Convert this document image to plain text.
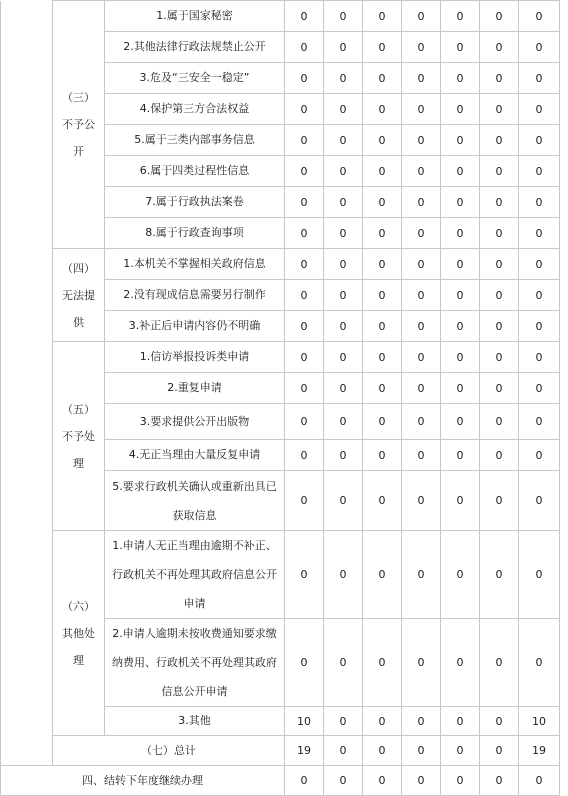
	（三）不予公开	1.属于国家秘密	0	0	0	0	0	0	0
		2.其他法律行政法规禁止公开	0	0	0	0	0	0	0
		3.危及“三安全一稳定”	0	0	0	0	0	0	0
		4.保护第三方合法权益	0	0	0	0	0	0	0
		5.属于三类内部事务信息	0	0	0	0	0	0	0
		6.属于四类过程性信息	0	0	0	0	0	0	0
		7.属于行政执法案卷	0	0	0	0	0	0	0
		8.属于行政查询事项	0	0	0	0	0	0	0
	（四）无法提供	1.本机关不掌握相关政府信息	0	0	0	0	0	0	0
		2.没有现成信息需要另行制作	0	0	0	0	0	0	0
		3.补正后申请内容仍不明确	0	0	0	0	0	0	0
	（五）不予处理	1.信访举报投诉类申请	0	0	0	0	0	0	0
		2.重复申请	0	0	0	0	0	0	0
		3.要求提供公开出版物	0	0	0	0	0	0	0
		4.无正当理由大量反复申请	0	0	0	0	0	0	0
		5.要求行政机关确认或重新出具已获取信息	0	0	0	0	0	0	0
	（六）其他处理	1.申请人无正当理由逾期不补正、行政机关不再处理其政府信息公开申请	0	0	0	0	0	0	0
		2.申请人逾期未按收费通知要求缴纳费用、行政机关不再处理其政府信息公开申请	0	0	0	0	0	0	0
		3.其他	10	0	0	0	0	0	10
	（七）总计		19	0	0	0	0	0	19
四、结转下年度继续办理			0	0	0	0	0	0	0
